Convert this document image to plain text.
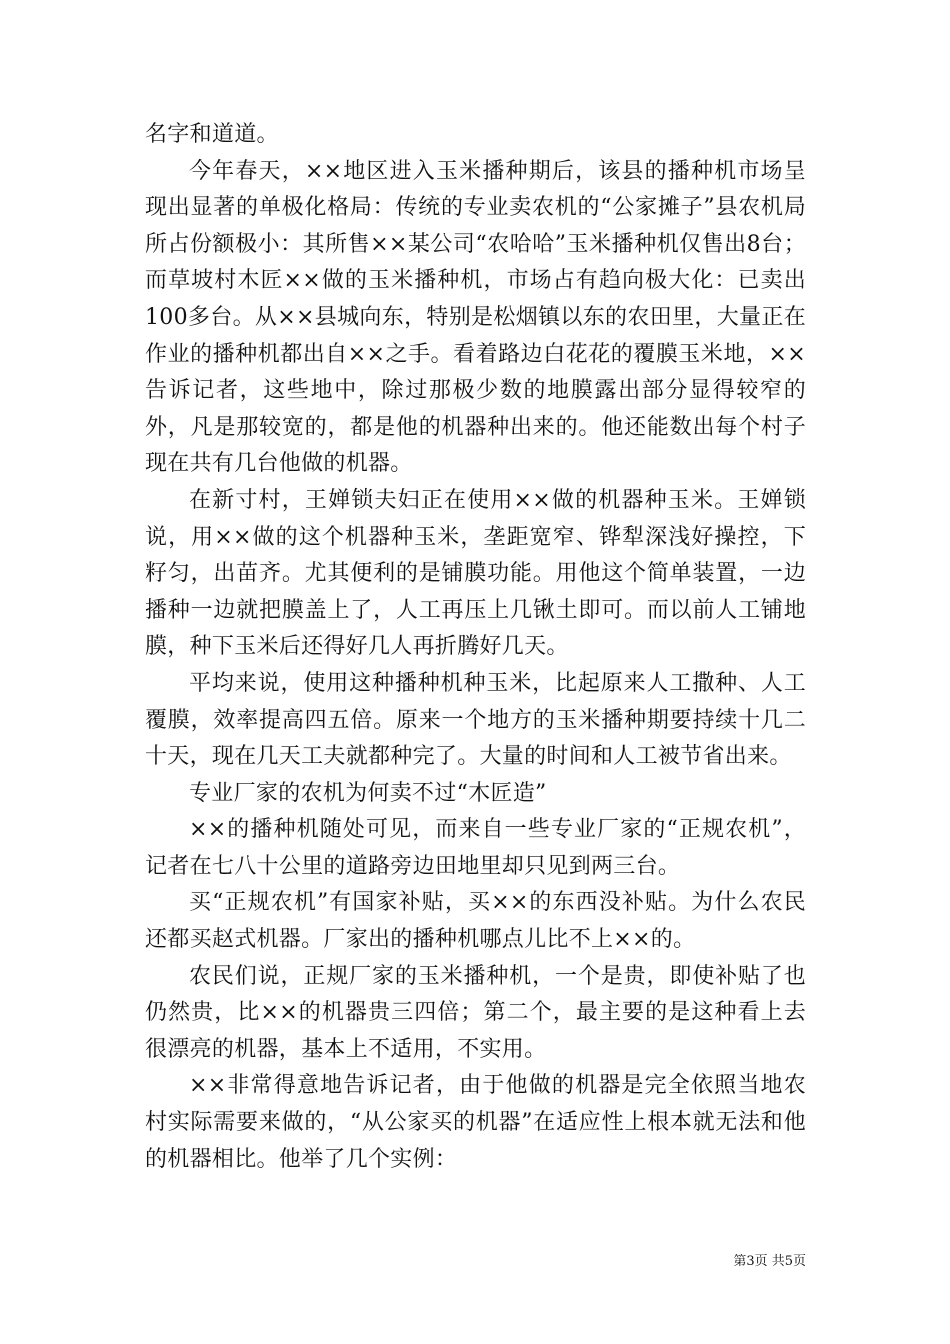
名字和道道。

今年春天，××地区进入玉米播种期后，该县的播种机市场呈现出显著的单极化格局：传统的专业卖农机的“公家摊子”县农机局所占份额极小：其所售××某公司“农哈哈”玉米播种机仅售出8台；而草坡村木匠××做的玉米播种机，市场占有趋向极大化：已卖出100多台。从××县城向东，特别是松烟镇以东的农田里，大量正在作业的播种机都出自××之手。看着路边白花花的覆膜玉米地，××告诉记者，这些地中，除过那极少数的地膜露出部分显得较窄的外，凡是那较宽的，都是他的机器种出来的。他还能数出每个村子现在共有几台他做的机器。

在新寸村，王婵锁夫妇正在使用××做的机器种玉米。王婵锁说，用××做的这个机器种玉米，垄距宽窄、铧犁深浅好操控，下籽匀，出苗齐。尤其便利的是铺膜功能。用他这个简单装置，一边播种一边就把膜盖上了，人工再压上几锹土即可。而以前人工铺地膜，种下玉米后还得好几人再折腾好几天。

平均来说，使用这种播种机种玉米，比起原来人工撒种、人工覆膜，效率提高四五倍。原来一个地方的玉米播种期要持续十几二十天，现在几天工夫就都种完了。大量的时间和人工被节省出来。

专业厂家的农机为何卖不过“木匠造”

××的播种机随处可见，而来自一些专业厂家的“正规农机”，记者在七八十公里的道路旁边田地里却只见到两三台。

买“正规农机”有国家补贴，买××的东西没补贴。为什么农民还都买赵式机器。厂家出的播种机哪点儿比不上××的。

农民们说，正规厂家的玉米播种机，一个是贵，即使补贴了也仍然贵，比××的机器贵三四倍；第二个，最主要的是这种看上去很漂亮的机器，基本上不适用，不实用。

××非常得意地告诉记者，由于他做的机器是完全依照当地农村实际需要来做的，“从公家买的机器”在适应性上根本就无法和他的机器相比。他举了几个实例：

第3页 共5页
